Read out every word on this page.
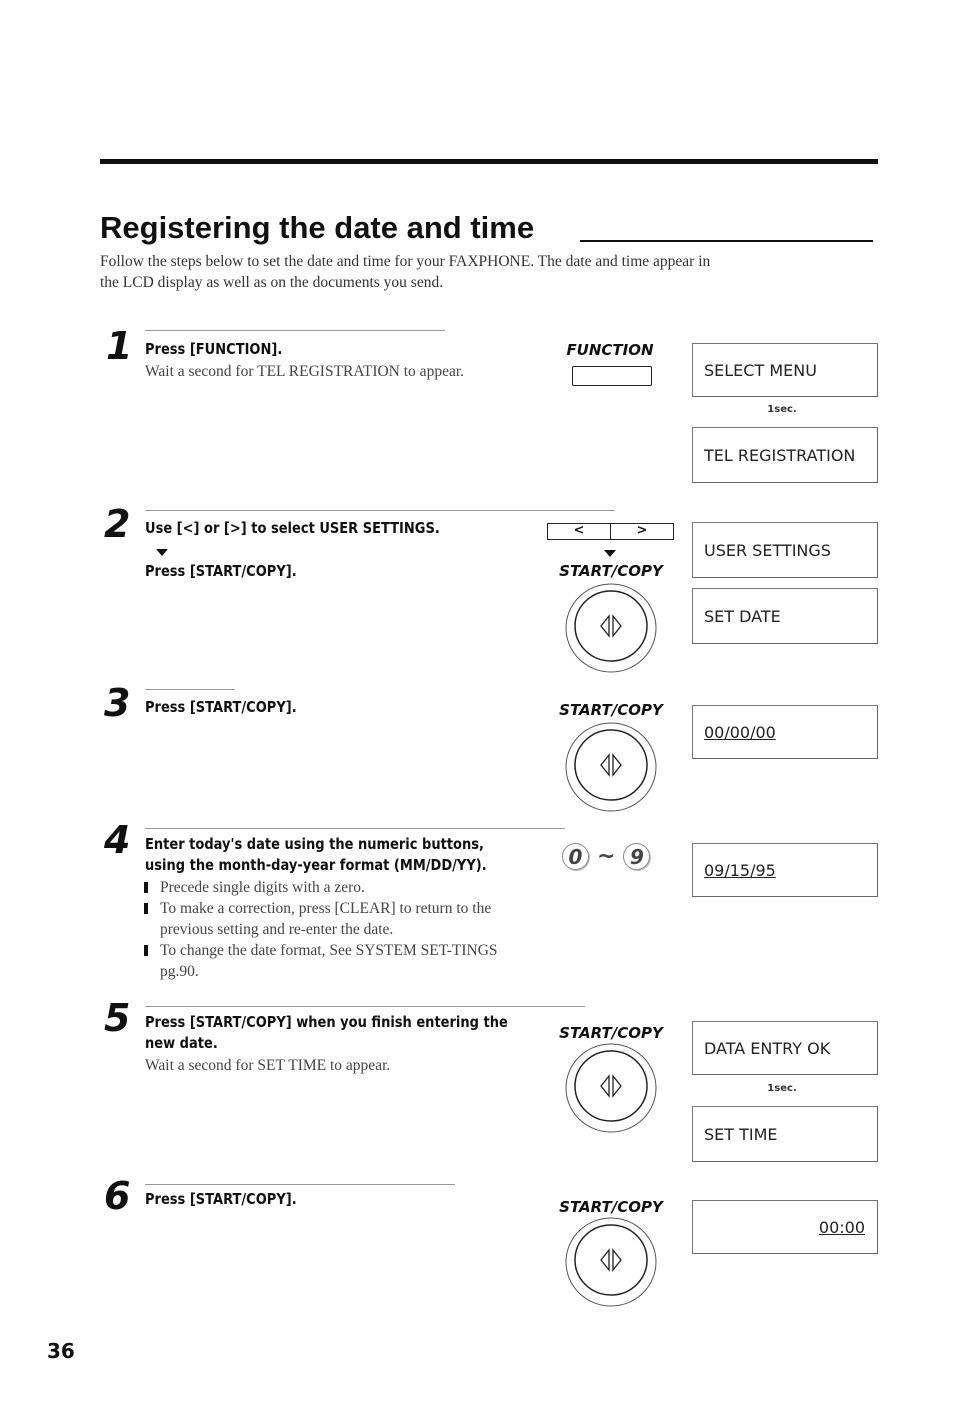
Registering the date and time
Follow the steps below to set the date and time for your FAXPHONE. The date and time appear in the LCD display as well as on the documents you send.
1 Press [FUNCTION].
Wait a second for TEL REGISTRATION to appear.
FUNCTION
SELECT MENU
1sec.
TEL REGISTRATION
2 Use [<] or [>] to select USER SETTINGS.
Press [START/COPY].
<	>
START/COPY
USER SETTINGS
SET DATE
3 Press [START/COPY].	START/COPY
00/00/00
4 Enter today's date using the numeric buttons,
using the month-day-year format (MM/DD/YY).
Precede single digits with a zero.
To make a correction, press [CLEAR] to return to the previous setting and re-enter the date.
To change the date format, See SYSTEM SET-TINGS pg.90.
0 ~ 9
09/15/95
5 Press [START/COPY] when you finish entering the
new date.
Wait a second for SET TIME to appear.
START/COPY
DATA ENTRY OK
1sec.
SET TIME
6 Press [START/COPY].	START/COPY
00:00
36
